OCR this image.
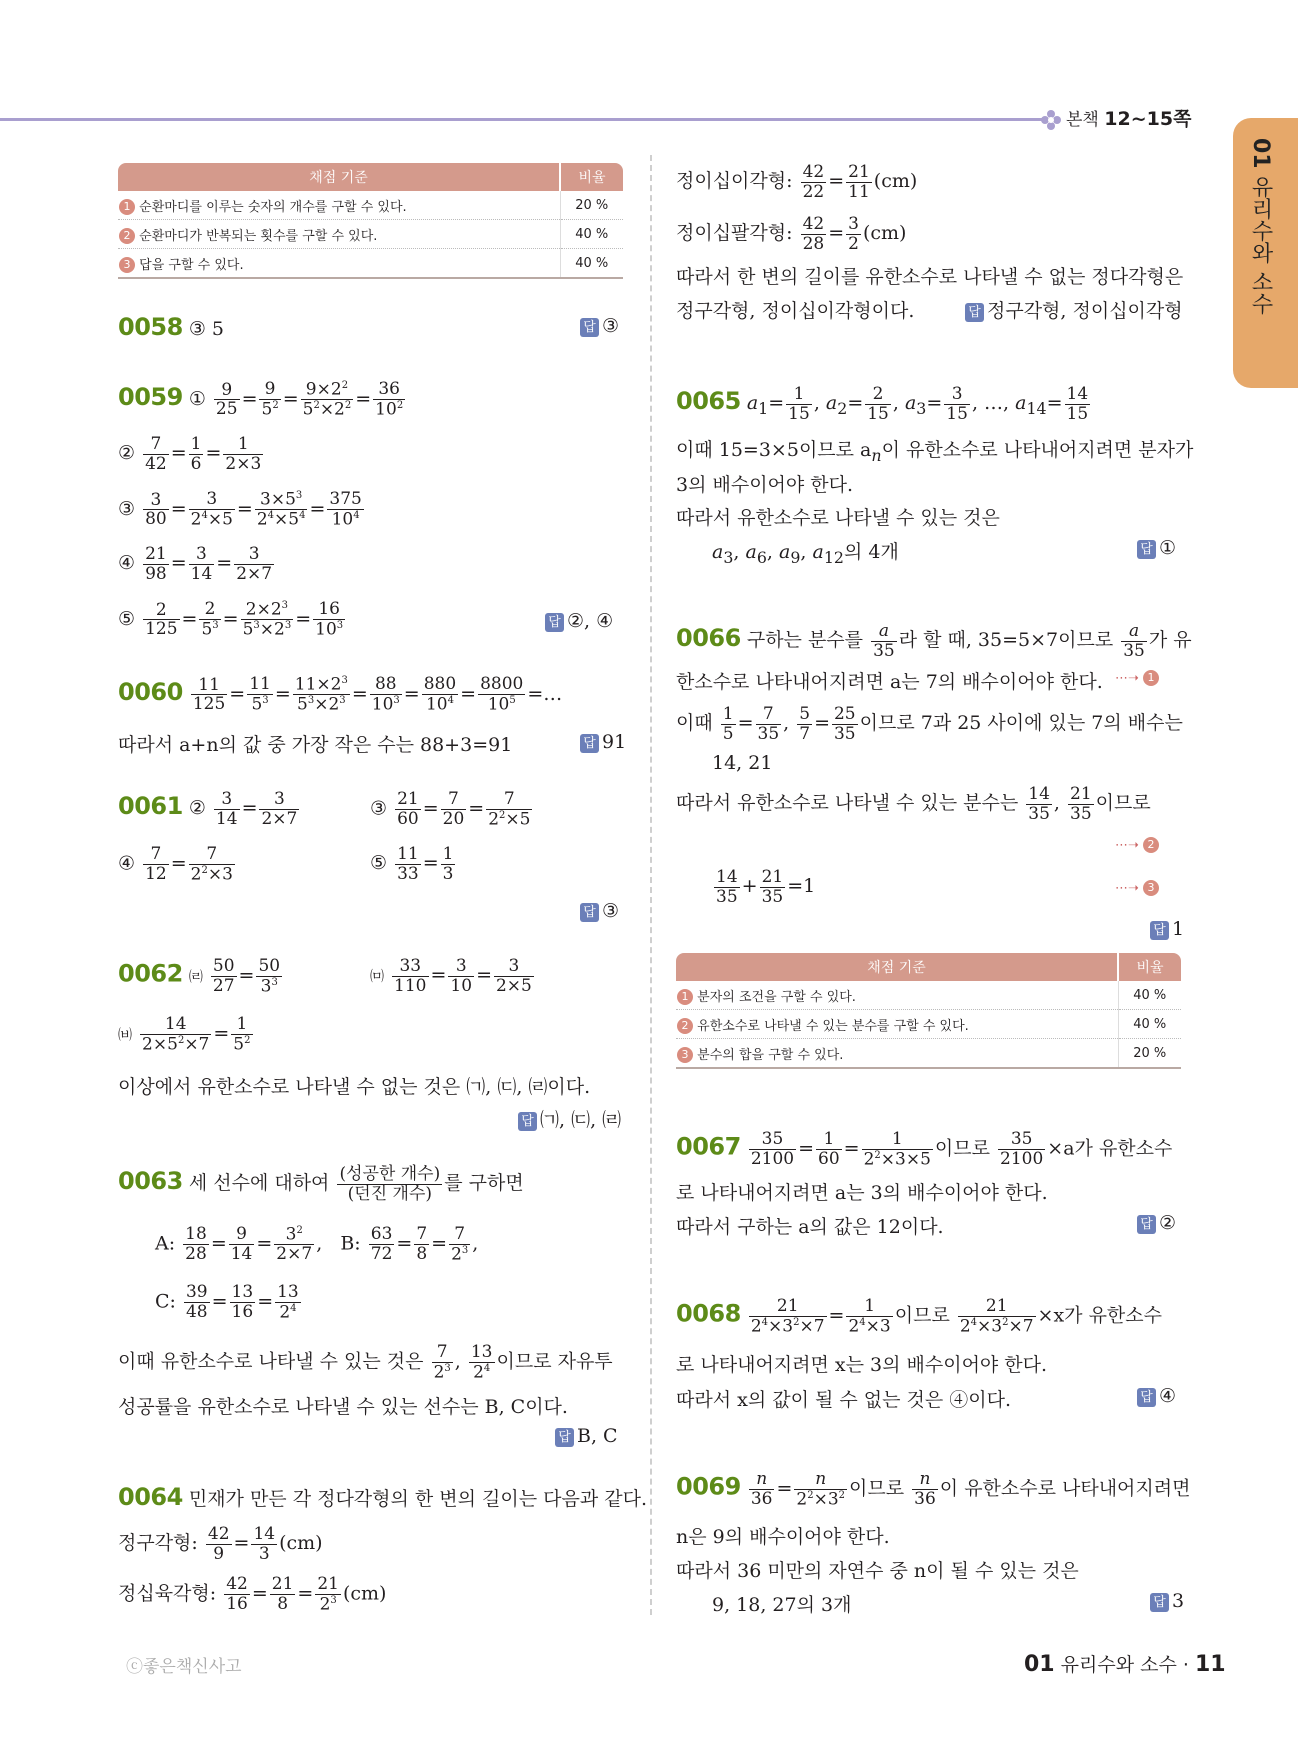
본책 12~15쪽
01 유리수와 소수
채점 기준	비율
1 순환마디를 이루는 숫자의 개수를 구할 수 있다.	20 %
2 순환마디가 반복되는 횟수를 구할 수 있다.	40 %
3 답을 구할 수 있다.	40 %
0058 ③ 5	답 ③
0059 ① $\frac{9}{25} = \frac{9}{5^2} = \frac{9\times 2^2}{5^2\times 2^2} = \frac{36}{10^2}$
② $\frac{7}{42} = \frac{1}{6} = \frac{1}{2\times 3}$
③ $\frac{3}{80} = \frac{3}{2^4\times 5} = \frac{3\times 5^3}{2^4\times 5^4} = \frac{375}{10^4}$
④ $\frac{21}{98} = \frac{3}{14} = \frac{3}{2\times 7}$
⑤ $\frac{2}{125} = \frac{2}{5^3} = \frac{2\times 2^3}{5^3\times 2^3} = \frac{16}{10^3}$	답 ②, ④
$0060 \frac{11}{125} = \frac{11}{5^3} = \frac{11\times 2^3}{5^3\times 2^3} = \frac{88}{10^3} = \frac{880}{10^4} = \frac{8800}{10^5}$ =…
따라서 a+n의 값 중 가장 작은 수는 88+3=91	답 91
0061 ② $\frac{3}{14} = \frac{3}{2\times 7}$	③ $\frac{21}{60} = \frac{7}{20} = \frac{7}{2^2\times 5}$
④ $\frac{7}{12} = \frac{7}{2^2\times 3}$	⑤ $\frac{11}{33} = \frac{1}{3}$
답 ③
0062 ㈃ $\frac{50}{27} = \frac{50}{3^3}$	㈄ $\frac{33}{110} = \frac{3}{10} = \frac{3}{2\times 5}$
㈅ $\frac{14}{2\times 5^2\times 7} = \frac{1}{5^2}$
이상에서 유한소수로 나타낼 수 없는 것은 ㈀, ㈂, ㈃이다.
답 ㈀, ㈂, ㈃
0063 세 선수에 대하여 $\frac{\text{(성공한 개수)}}{\text{(던진 개수)}}$ 를 구하면
A: $\frac{18}{28} = \frac{9}{14} = \frac{3^2}{2\times 7}$ ,   B: $\frac{63}{72} = \frac{7}{8} = \frac{7}{2^3}$ ,
C: $\frac{39}{48} = \frac{13}{16} = \frac{13}{2^4}$
이때 유한소수로 나타낼 수 있는 것은 $\frac{7}{2^3}$ , $\frac{13}{2^4}$ 이므로 자유투
성공률을 유한소수로 나타낼 수 있는 선수는 B, C이다.
답 B, C
0064 민재가 만든 각 정다각형의 한 변의 길이는 다음과 같다.
정구각형: $\frac{42}{9} = \frac{14}{3} (cm)$
정십육각형: $\frac{42}{16} = \frac{21}{8} = \frac{21}{2^3} (cm)$
정이십이각형: $\frac{42}{22} = \frac{21}{11} (cm)$
정이십팔각형: $\frac{42}{28} = \frac{3}{2} (cm)$
따라서 한 변의 길이를 유한소수로 나타낼 수 없는 정다각형은
정구각형, 정이십이각형이다.	답 정구각형, 정이십이각형
0065 $a_1= \frac{1}{15}$ , $a_2= \frac{2}{15}$ , $a_3= \frac{3}{15}$ , …, $a_{14}= \frac{14}{15}$
이때 15=3×5이므로 $a_n$이 유한소수로 나타내어지려면 분자가
3의 배수이어야 한다.
따라서 유한소수로 나타낼 수 있는 것은
$a_3$, $a_6$, $a_9$, $a_{12}$의 4개	답 ①
0066 구하는 분수를 $\frac{a}{35}$ 라 할 때, 35=5×7이므로 $\frac{a}{35}$ 가 유
한소수로 나타내어지려면 a는 7의 배수이어야 한다. ⋯➝ 1
이때 $\frac{1}{5} = \frac{7}{35}$ , $\frac{5}{7} = \frac{25}{35}$ 이므로 7과 25 사이에 있는 7의 배수는
14, 21
따라서 유한소수로 나타낼 수 있는 분수는 $\frac{14}{35}$ , $\frac{21}{35}$ 이므로
⋯➝ 2
$\frac{14}{35} + \frac{21}{35} =1$	⋯➝ 3
답 1
채점 기준	비율
1 분자의 조건을 구할 수 있다.	40 %
2 유한소수로 나타낼 수 있는 분수를 구할 수 있다.	40 %
3 분수의 합을 구할 수 있다.	20 %
$0067 \frac{35}{2100} = \frac{1}{60} = \frac{1}{2^2\times 3\times 5}$ 이므로 $\frac{35}{2100} \times a$가 유한소수
로 나타내어지려면 a는 3의 배수이어야 한다.
따라서 구하는 a의 값은 12이다.	답 ②
$0068 \frac{21}{2^4\times 3^2\times 7} = \frac{1}{2^4\times 3}$ 이므로 $\frac{21}{2^4\times 3^2\times 7} \times x$가 유한소수
로 나타내어지려면 x는 3의 배수이어야 한다.
따라서 x의 값이 될 수 없는 것은 ④이다.	답 ④
$0069 \frac{n}{36} = \frac{n}{2^2\times 3^2}$ 이므로 $\frac{n}{36}$ 이 유한소수로 나타내어지려면
n은 9의 배수이어야 한다.
따라서 36 미만의 자연수 중 n이 될 수 있는 것은
9, 18, 27의 3개	답 3
ⓒ좋은책신사고	01 유리수와 소수 · 11
